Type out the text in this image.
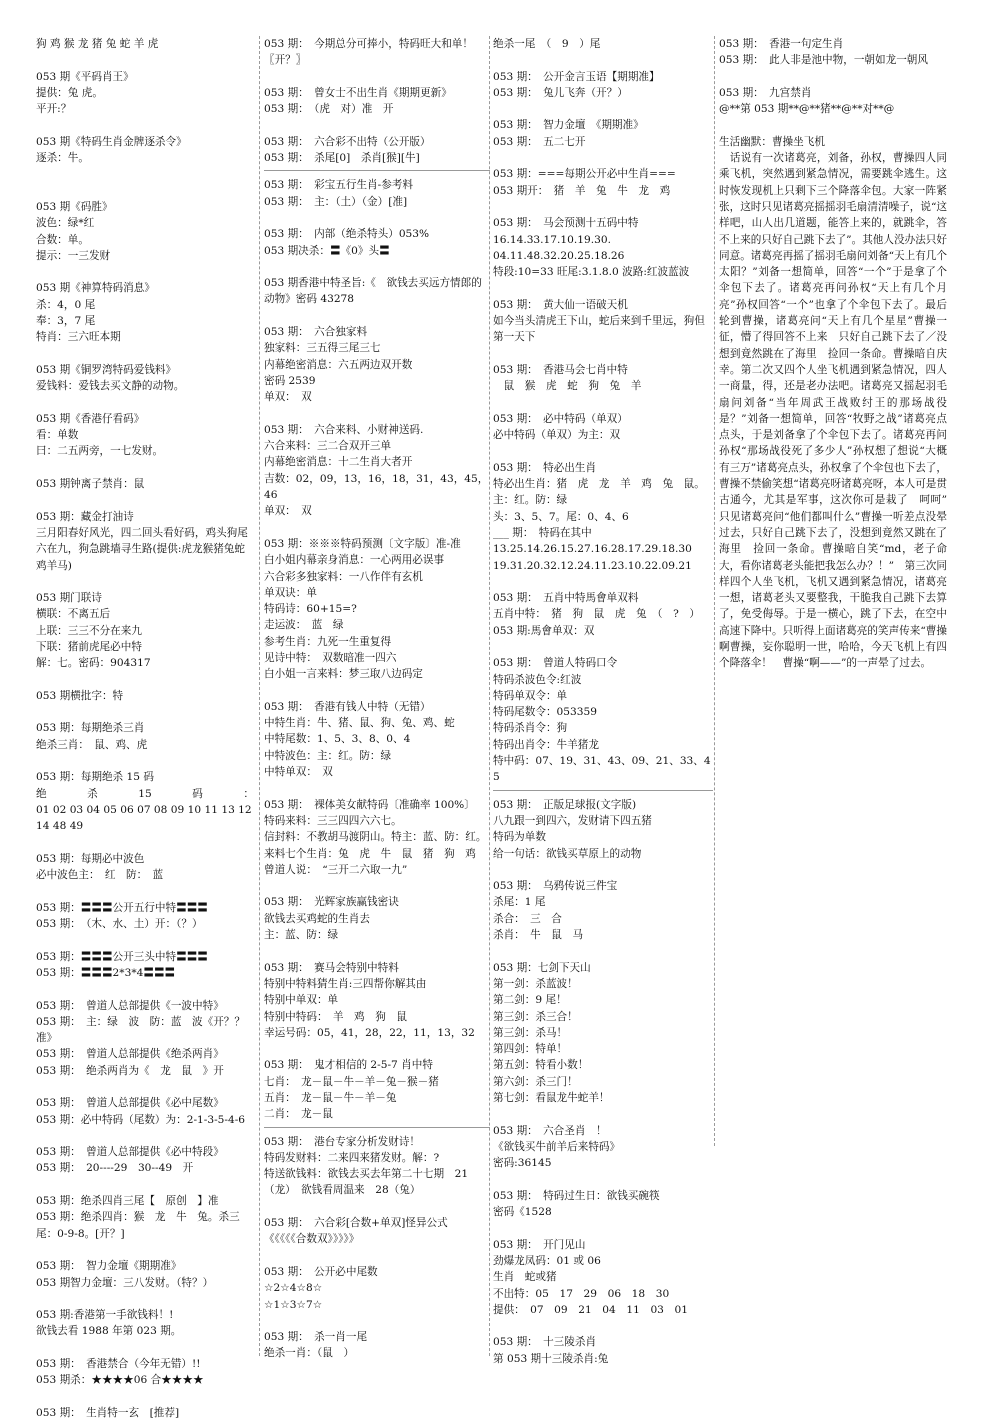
狗 鸡 猴 龙 猪 兔 蛇 羊 虎
053 期《平码肖王》
提供：兔 虎。
平开:？
053 期《特码生肖金牌逐杀令》
逐杀：牛。
053 期《码胜》
波色：绿*红
合数：单。
提示：一三发财
053 期《神算特码消息》
杀：4，0 尾
奉：3，7 尾
特肖：三六旺本期
053 期《铜罗湾特码爱钱料》
爱钱料：爱钱去买文静的动物。
053 期《香港仔看码》
看：单数
曰：二五两旁，一七发财。
053 期钟离子禁肖：鼠
053 期：藏金打油诗
三月阳春好风光，四二回头看好码，鸡头狗尾六在九，狗急跳墙寻生路(提供:虎龙猴猪兔蛇鸡羊马)
053 期门联诗
横联：不离五后
上联：三三不分在来九
下联：猪前虎尾必中特
解：七。密码：904317
053 期横批字：特
053 期：每期绝杀三肖
绝杀三肖：　鼠、鸡、虎
053 期：每期绝杀 15 码
绝　　　杀　　　15　　　码　　　：
01 02 03 04 05 06 07 08 09 10 11 13 12 14 48 49
053 期：每期必中波色
必中波色主：　红　防：　蓝
053 期：〓〓〓公开五行中特〓〓〓
053 期：　（木、水、土）开：（？）
053 期：〓〓〓公开三头中特〓〓〓
053 期：〓〓〓2*3*4〓〓〓
053 期：　曾道人总部提供《一波中特》
053 期：　主：绿　波　防：蓝　波《开？？准》
053 期：　曾道人总部提供《绝杀两肖》
053 期：　绝杀两肖为《　龙　鼠　》开
053 期：　曾道人总部提供《必中尾数》
053 期：必中特码（尾数）为：2-1-3-5-4-6
053 期：　曾道人总部提供《必中特段》
053 期：　20----29　30--49　开
053 期：绝杀四肖三尾【　原创　】准
053 期：绝杀四肖：猴　龙　牛　兔。杀三尾：0-9-8。[开？]
053 期：　智力金壇《期期准》
053 期智力金壇：三八发财。（特？）
053 期:香港第一手欲钱料！!
欲钱去看 1988 年第 023 期。
053 期：　香港禁合（今年无错）!!
053 期杀：★★★★06 合★★★★
053 期：　生肖特一玄　[推荐]
053 期：　今期总分可捧小，特码旺大和单！〖开？〗
053 期：　曾女士不出生肖《期期更新》
053 期：　（虎　对）准　开
053 期：　六合彩不出特（公开版）
053 期：　杀尾[0]　杀肖[猴][牛]
053 期：　彩宝五行生肖-参考料
053 期：　主：（土）（金）[准]
053 期：　内部（绝杀特头）053%
053 期决杀：〓《0》头〓
053 期香港中特圣旨:《　欲钱去买远方情郎的动物》密码 43278
053 期：　六合独家料
独家料：三五得三尾三七
内幕绝密消息：六五两边双开数
密码 2539
单双：　双
053 期：　六合来料、小财神送码.
六合来料：三二合双开三单
内幕绝密消息：十二生肖大者开
吉数：02，09，13，16，18，31，43，45，46
单双：　双
053 期：※※※特码预测〔文字版〕准-准
白小姐内幕亲身消息：一心两用必误事
六合彩多独家料：一八作伴有玄机
单双诀：单
特码诗：60+15=?
走运波：　蓝　绿
参考生肖：九死一生重复得
见诗中特：　双数暗准一四六
白小姐一言来料：梦三取八边码定
053 期：　香港有钱人中特（无错）
中特生肖：牛、猪、鼠、狗、兔、鸡、蛇
中特尾数：1、5、3、8、0、4
中特波色：主：红。防：绿
中特单双：　双
053 期：　裸体美女献特码〔准确率 100%〕
特码来料：三三四四六六七。
信封料：不教胡马渡阴山。特主：蓝、防：红。
来料七个生肖：兔　虎　牛　鼠　猪　狗　鸡
曾道人说：　“三开二六取一九”
053 期：　光辉家族赢钱密诀
欲钱去买鸡蛇的生肖去
主：蓝、防：绿
053 期：　赛马会特别中特料
特别中特料猜生肖:三四帮你解其由
特别中单双：单
特别中特码：　羊　鸡　狗　鼠
幸运号码：05，41，28，22，11，13，32
053 期：　鬼才相信的 2-5-7 肖中特
七肖：　龙－鼠－牛－羊－兔－猴－猪
五肖：　龙－鼠－牛－羊－兔
二肖：　龙－鼠
053 期：　港台专家分析发财诗！
特码发财料：二来四来猪发财。解：?
特送欲钱料：欲钱去买去年第二十七期　21（龙）　欲钱看周温来　28（兔）
053 期：　六合彩[合数+单双]怪异公式
《《《《《合数双》》》》》
053 期：　公开必中尾数
☆2☆4☆8☆
☆1☆3☆7☆
053 期：　杀一肖一尾
绝杀一肖：（鼠　）
绝杀一尾　（　9　）尾
053 期：　公开金言玉语【期期准】
053 期：　兔儿飞奔（开？）
053 期：　智力金壇　《期期准》
053 期：　五二七开
053 期：===每期公开必中生肖===
053 期开：　猪　羊　兔　牛　龙　鸡
053 期：　马会预测十五码中特
16.14.33.17.10.19.30.
04.11.48.32.20.25.18.26
特段:10=33 旺尾:3.1.8.0 波路:红波蓝波
053 期：　黄大仙一语破天机
如今当头清虎王下山，蛇后来到千里远，狗但第一天下
053 期：　香港马会七肖中特
　鼠　猴　虎　蛇　狗　兔　羊
053 期：　必中特码（单双）
必中特码（单双）为主：双
053 期：　特必出生肖
特必出生肖：猪　虎　龙　羊　鸡　兔　鼠。
主：红。防：绿
头：3、5、7。尾：0、4、6
___ 期：　特码在其中
13.25.14.26.15.27.16.28.17.29.18.30
19.31.20.32.12.24.11.23.10.22.09.21
053 期：　五肖中特馬會单双料
五肖中特：　猪　狗　鼠　虎　兔　（　?　）
053 期:馬會单双：双
053 期：　曾道人特码口令
特码杀波色令:红波
特码单双令：单
特码尾数令：053359
特码杀肖令：狗
特码出肖令：牛羊猪龙
特中码：07、19、31、43、09、21、33、45
053 期：　正版足球报(文字版)
八九跟一到四六，发财请下四五猪
特码为单数
给一句话：欲钱买草原上的动物
053 期：　乌鸦传说三件宝
杀尾：1 尾
杀合：　三　合
杀肖：　牛　鼠　马
053 期：七剑下天山
第一剑：杀蓝波！
第二剑：9 尾！
第三剑：杀三合！
第三剑：杀马！
第四剑：特单！
第五剑：特看小数！
第六剑：杀三门！
第七剑：看鼠龙牛蛇羊！
053 期：　六合圣肖　！
《欲钱买牛前羊后来特码》
密码:36145
053 期：　特码过生日：欲钱买碗筷
密码《1528
053 期：　开门见山
劲爆龙凤码：01 或 06
生肖　蛇或猪
不出特：05　17　29　06　18　30
提供：　07　09　21　04　11　03　01
053 期：　十三陵杀肖
第 053 期十三陵杀肖:兔
053 期：　香港一句定生肖
053 期：　此人非是池中物，一朝如龙一朝风
053 期：　九宫禁肖
@**第 053 期**@**猪**@**对**@
生活幽默：曹操坐飞机
　话说有一次诸葛亮，刘备，孙权，曹操四人同乘飞机，突然遇到紧急情况，需要跳伞逃生。这时恢发现机上只剩下三个降落伞包。大家一阵紧张，这时只见诸葛亮摇摇羽毛扇清清噪子，说“这样吧，山人出几道题，能答上来的，就跳伞，答不上来的只好自己跳下去了”。其他人没办法只好同意。诸葛亮再摇了摇羽毛扇问刘备“天上有几个太阳？”刘备一想简单，回答“一个”于是拿了个伞包下去了。诸葛亮再问孙权“天上有几个月亮”孙权回答“一个”也拿了个伞包下去了。最后轮到曹操，诸葛亮问“天上有几个星星”曹操一征，懵了得回答不上来　只好自己跳下去了／没想到竟然跳在了海里　捡回一条命。曹操暗自庆幸。第二次又四个人坐飞机遇到紧急情况，四人一商量，得，还是老办法吧。诸葛亮又摇起羽毛扇问刘备“当年周武王战败纣王的那场战役是？”刘备一想简单，回答“牧野之战”诸葛亮点点头，于是刘备拿了个伞包下去了。诸葛亮再问孙权“那场战役死了多少人”孙权想了想说“大概有三万”诸葛亮点头，孙权拿了个伞包也下去了，曹操不禁偷笑想“诸葛亮呀诸葛亮呀，本人可是贯古通今，尤其是军事，这次你可是栽了　呵呵”　只见诸葛亮问“他们都叫什么”曹操一听差点没晕过去，只好自己跳下去了，没想到竟然又跳在了海里　捡回一条命。曹操暗自笑“md，老子命大，看你诸葛老头能把我怎么办？！”　第三次同样四个人坐飞机，飞机又遇到紧急情况，诸葛亮一想，诸葛老头又要整我，干脆我自己跳下去算了，免受侮辱。于是一横心，跳了下去，在空中高速下降中。只听得上面诸葛亮的笑声传来“曹操啊曹操，妄你聪明一世，哈哈，今天飞机上有四个降落伞！　曹操“啊——”的一声晕了过去。
